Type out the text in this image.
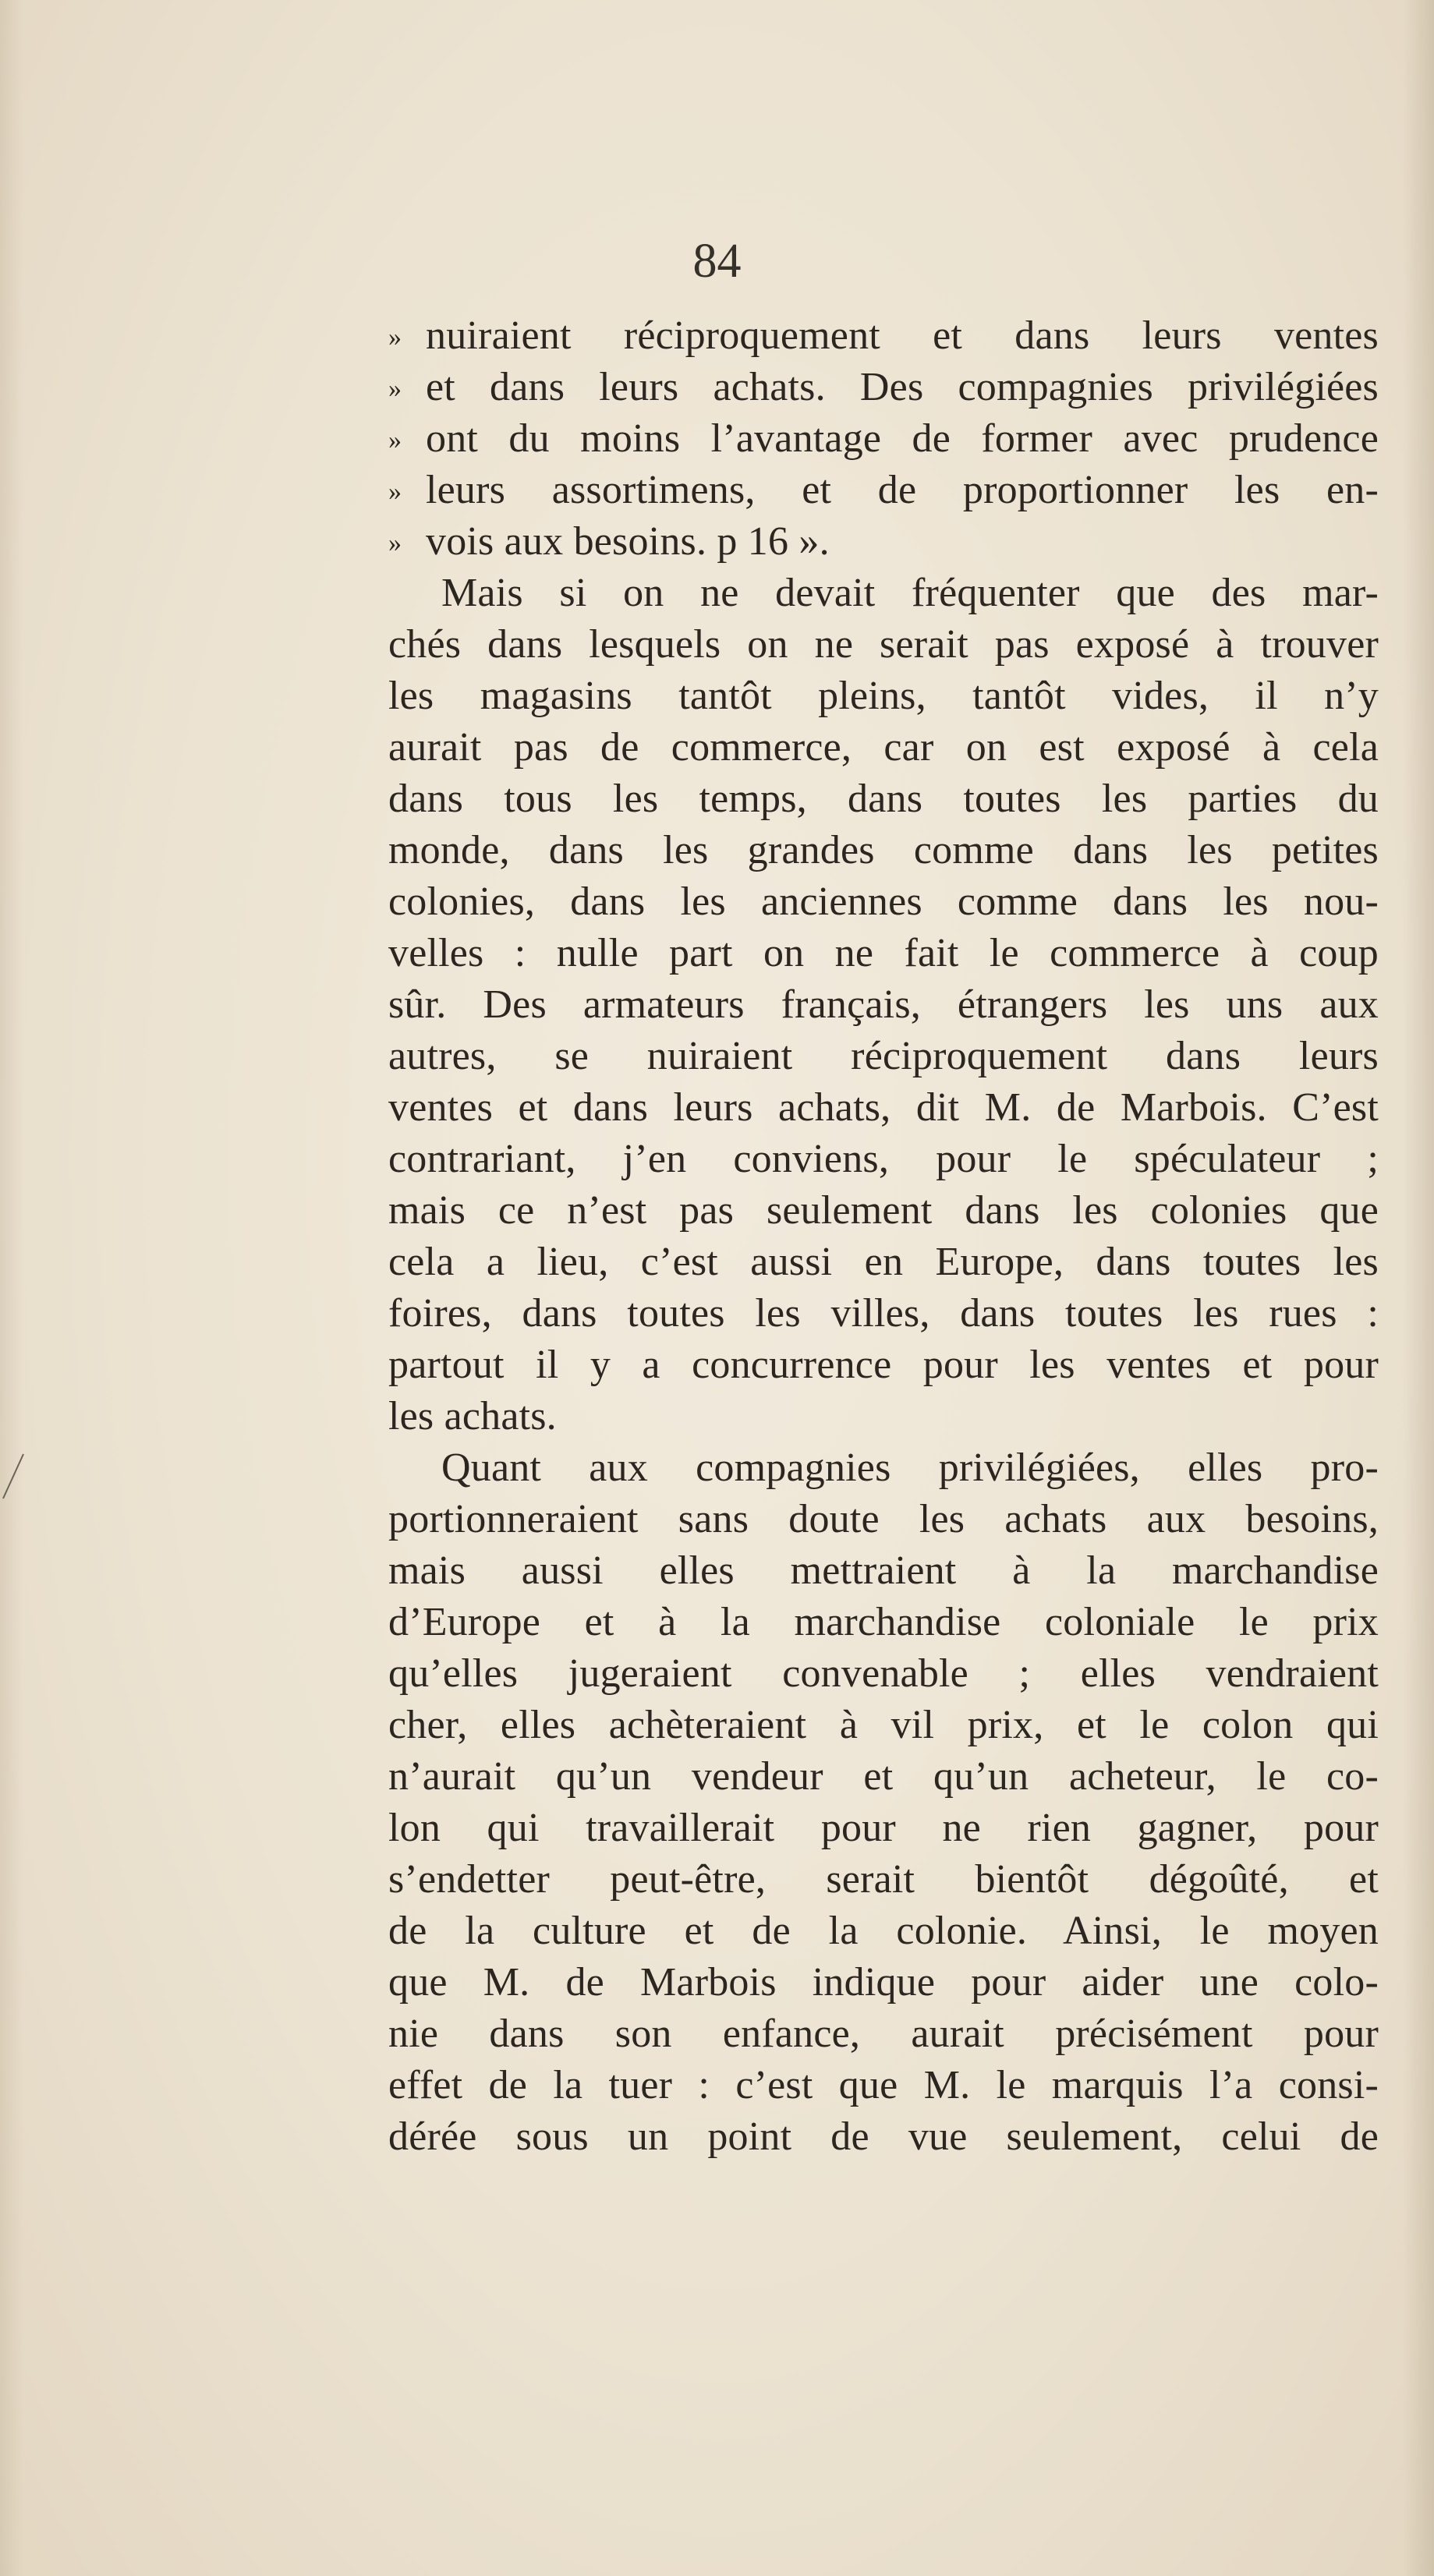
84
» nuiraient réciproquement et dans leurs ventes
» et dans leurs achats. Des compagnies privilégiées
» ont du moins l’avantage de former avec prudence
» leurs assortimens, et de proportionner les en-
» vois aux besoins. p 16 ».
Mais si on ne devait fréquenter que des mar-
chés dans lesquels on ne serait pas exposé à trouver
les magasins tantôt pleins, tantôt vides, il n’y
aurait pas de commerce, car on est exposé à cela
dans tous les temps, dans toutes les parties du
monde, dans les grandes comme dans les petites
colonies, dans les anciennes comme dans les nou-
velles : nulle part on ne fait le commerce à coup
sûr. Des armateurs français, étrangers les uns aux
autres, se nuiraient réciproquement dans leurs
ventes et dans leurs achats, dit M. de Marbois. C’est
contrariant, j’en conviens, pour le spéculateur ;
mais ce n’est pas seulement dans les colonies que
cela a lieu, c’est aussi en Europe, dans toutes les
foires, dans toutes les villes, dans toutes les rues :
partout il y a concurrence pour les ventes et pour
les achats.
Quant aux compagnies privilégiées, elles pro-
portionneraient sans doute les achats aux besoins,
mais aussi elles mettraient à la marchandise
d’Europe et à la marchandise coloniale le prix
qu’elles jugeraient convenable ; elles vendraient
cher, elles achèteraient à vil prix, et le colon qui
n’aurait qu’un vendeur et qu’un acheteur, le co-
lon qui travaillerait pour ne rien gagner, pour
s’endetter peut-être, serait bientôt dégoûté, et
de la culture et de la colonie. Ainsi, le moyen
que M. de Marbois indique pour aider une colo-
nie dans son enfance, aurait précisément pour
effet de la tuer : c’est que M. le marquis l’a consi-
dérée sous un point de vue seulement, celui de
